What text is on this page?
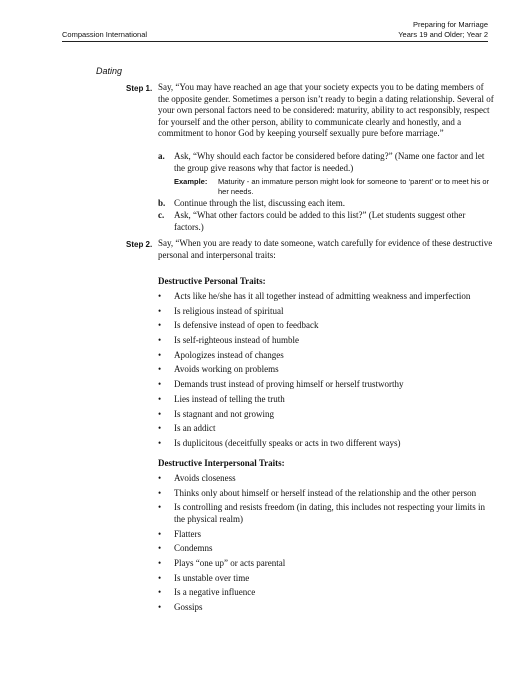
Compassion International
Preparing for Marriage
Years 19 and Older; Year 2
Dating
Step 1. Say, “You may have reached an age that your society expects you to be dating members of the opposite gender. Sometimes a person isn’t ready to begin a dating relationship. Several of your own personal factors need to be considered: maturity, ability to act responsibly, respect for yourself and the other person, ability to communicate clearly and honestly, and a commitment to honor God by keeping yourself sexually pure before marriage.”
a. Ask, “Why should each factor be considered before dating?” (Name one factor and let the group give reasons why that factor is needed.)
Example: Maturity - an immature person might look for someone to ‘parent’ or to meet his or her needs.
b. Continue through the list, discussing each item.
c. Ask, “What other factors could be added to this list?” (Let students suggest other factors.)
Step 2. Say, “When you are ready to date someone, watch carefully for evidence of these destructive personal and interpersonal traits:
Destructive Personal Traits:
• Acts like he/she has it all together instead of admitting weakness and imperfection
• Is religious instead of spiritual
• Is defensive instead of open to feedback
• Is self-righteous instead of humble
• Apologizes instead of changes
• Avoids working on problems
• Demands trust instead of proving himself or herself trustworthy
• Lies instead of telling the truth
• Is stagnant and not growing
• Is an addict
• Is duplicitous (deceitfully speaks or acts in two different ways)
Destructive Interpersonal Traits:
• Avoids closeness
• Thinks only about himself or herself instead of the relationship and the other person
• Is controlling and resists freedom (in dating, this includes not respecting your limits in the physical realm)
• Flatters
• Condemns
• Plays “one up” or acts parental
• Is unstable over time
• Is a negative influence
• Gossips
